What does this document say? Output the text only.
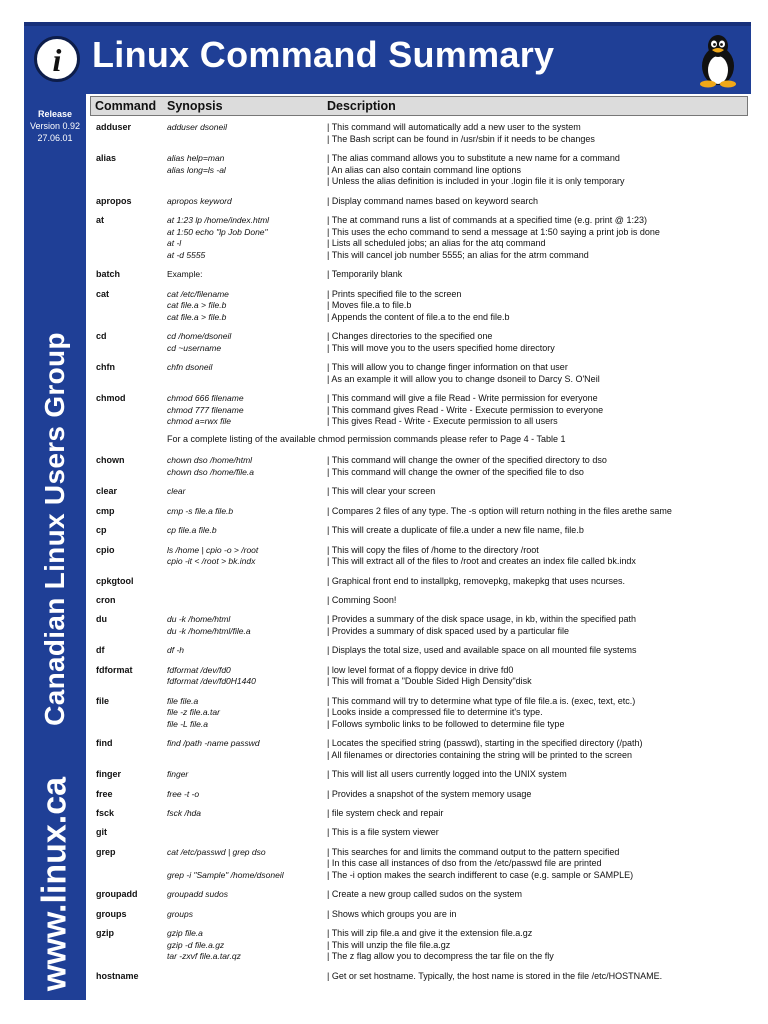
i Linux Command Summary
Release
Version 0.92
27.06.01
Canadian Linux Users Group
www.linux.ca
Command Synopsis	Description
adduser	adduser dsoneil	| This command will automatically add a new user to the system
| The Bash script can be found in /usr/sbin if it needs to be changes
alias	alias help=man
alias long=ls -al
| The alias command allows you to substitute a new name for a command
| An alias can also contain command line options
| Unless the alias definition is included in your .login file it is only temporary
apropos	apropos keyword	| Display command names based on keyword search
at	at 1:23 lp /home/index.html
at 1:50 echo "lp Job Done"
at -l
at -d 5555
| The at command runs a list of commands at a specified time (e.g. print @ 1:23)
| This uses the echo command to send a message at 1:50 saying a print job is done
| Lists all scheduled jobs; an alias for the atq command
| This will cancel job number 5555; an alias for the atrm command
batch	Example:	| Temporarily blank
cat	cat /etc/filename
cat file.a > file.b
cat file.a > file.b
| Prints specified file to the screen
| Moves file.a to file.b
| Appends the content of file.a to the end file.b
cd	cd /home/dsoneil
cd ~username
| Changes directories to the specified one
| This will move you to the users specified home directory
chfn	chfn dsoneil	| This will allow you to change finger information on that user
| As an example it will allow you to change dsoneil to Darcy S. O'Neil
chmod	chmod 666 filename
chmod 777 filename
chmod a=rwx file
| This command will give a file Read - Write permission for everyone
| This command gives Read - Write - Execute permission to everyone
| This gives Read - Write - Execute permission to all users
For a complete listing of the available chmod permission commands please refer to Page 4 - Table 1
chown	chown dso /home/html
chown dso /home/file.a
| This command will change the owner of the specified directory to dso
| This command will change the owner of the specified file to dso
clear	clear	| This will clear your screen
cmp	cmp -s file.a file.b	| Compares 2 files of any type. The -s option will return nothing in the files arethe same
cp	cp file.a file.b	| This will create a duplicate of file.a under a new file name, file.b
cpio	ls /home | cpio -o > /root
cpio -it < /root > bk.indx
| This will copy the files of /home to the directory /root
| This will extract all of the files to /root and creates an index file called bk.indx
cpkgtool	| Graphical front end to installpkg, removepkg, makepkg that uses ncurses.
cron	| Comming Soon!
du	du -k /home/html
du -k /home/html/file.a
| Provides a summary of the disk space usage, in kb, within the specified path
| Provides a summary of disk spaced used by a particular file
df	df -h	| Displays the total size, used and available space on all mounted file systems
fdformat	fdformat /dev/fd0
fdformat /dev/fd0H1440
| low level format of a floppy device in drive fd0
| This will fromat a "Double Sided High Density"disk
file	file file.a
file -z file.a.tar
file -L file.a
| This command will try to determine what type of file file.a is. (exec, text, etc.)
| Looks inside a compressed file to determine it's type.
| Follows symbolic links to be followed to determine file type
find	find /path -name passwd	| Locates the specified string (passwd), starting in the specified directory (/path)
| All filenames or directories containing the string will be printed to the screen
finger	finger	| This will list all users currently logged into the UNIX system
free	free -t -o	| Provides a snapshot of the system memory usage
fsck	fsck /hda	| file system check and repair
git	| This is a file system viewer
grep	cat /etc/passwd | grep dso
grep -i "Sample" /home/dsoneil
| This searches for and limits the command output to the pattern specified
| In this case all instances of dso from the /etc/passwd file are printed
| The -i option makes the search indifferent to case (e.g. sample or SAMPLE)
groupadd	groupadd sudos	| Create a new group called sudos on the system
groups	groups	| Shows which groups you are in
gzip	gzip file.a
gzip -d file.a.gz
tar -zxvf file.a.tar.qz
| This will zip file.a and give it the extension file.a.gz
| This will unzip the file file.a.gz
| The z flag allow you to decompress the tar file on the fly
hostname	| Get or set hostname. Typically, the host name is stored in the file /etc/HOSTNAME.
